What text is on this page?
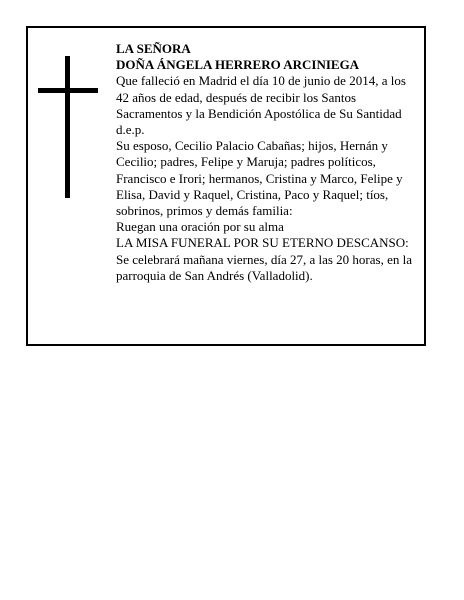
LA SEÑORA

DOÑA ÁNGELA HERRERO ARCINIEGA

Que falleció en Madrid el día 10 de junio de 2014, a los 42 años de edad, después de recibir los Santos Sacramentos y la Bendición Apostólica de Su Santidad

d.e.p.

Su esposo, Cecilio Palacio Cabañas; hijos, Hernán y Cecilio; padres, Felipe y Maruja; padres políticos, Francisco e Irori; hermanos, Cristina y Marco, Felipe y Elisa, David y Raquel, Cristina, Paco y Raquel; tíos, sobrinos, primos y demás familia:

Ruegan una oración por su alma

LA MISA FUNERAL POR SU ETERNO DESCANSO: Se celebrará mañana viernes, día 27, a las 20 horas, en la parroquia de San Andrés (Valladolid).
